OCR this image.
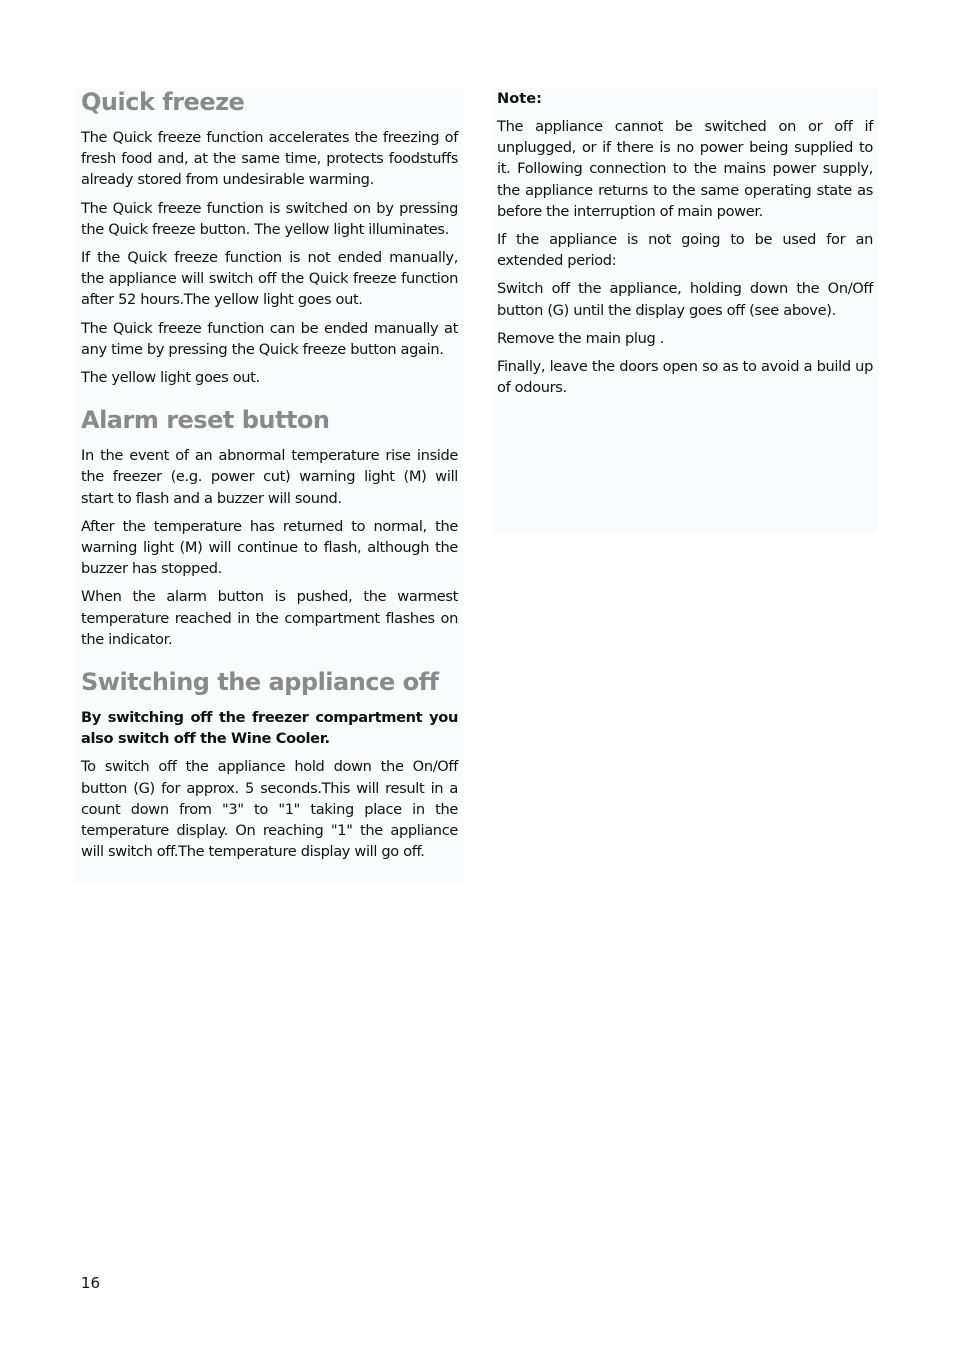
Quick freeze

The Quick freeze function accelerates the freezing of fresh food and, at the same time, protects foodstuffs already stored from undesirable warming.

The Quick freeze function is switched on by pressing the Quick freeze button. The yellow light illuminates.

If the Quick freeze function is not ended manually, the appliance will switch off the Quick freeze function after 52 hours.The yellow light goes out.

The Quick freeze function can be ended manually at any time by pressing the Quick freeze button again.

The yellow light goes out.

Alarm reset button

In the event of an abnormal temperature rise inside the freezer (e.g. power cut) warning light (M) will start to flash and a buzzer will sound.

After the temperature has returned to normal, the warning light (M) will continue to flash, although the buzzer has stopped.

When the alarm button is pushed, the warmest temperature reached in the compartment flashes on the indicator.

Switching the appliance off

By switching off the freezer compartment you also switch off the Wine Cooler.

To switch off the appliance hold down the On/Off button (G) for approx. 5 seconds.This will result in a count down from "3" to "1" taking place in the temperature display. On reaching "1" the appliance will switch off.The temperature display will go off.

Note:

The appliance cannot be switched on or off if unplugged, or if there is no power being supplied to it. Following connection to the mains power supply, the appliance returns to the same operating state as before the interruption of main power.

If the appliance is not going to be used for an extended period:

Switch off the appliance, holding down the On/Off button (G) until the display goes off (see above).

Remove the main plug .

Finally, leave the doors open so as to avoid a build up of odours.

16
